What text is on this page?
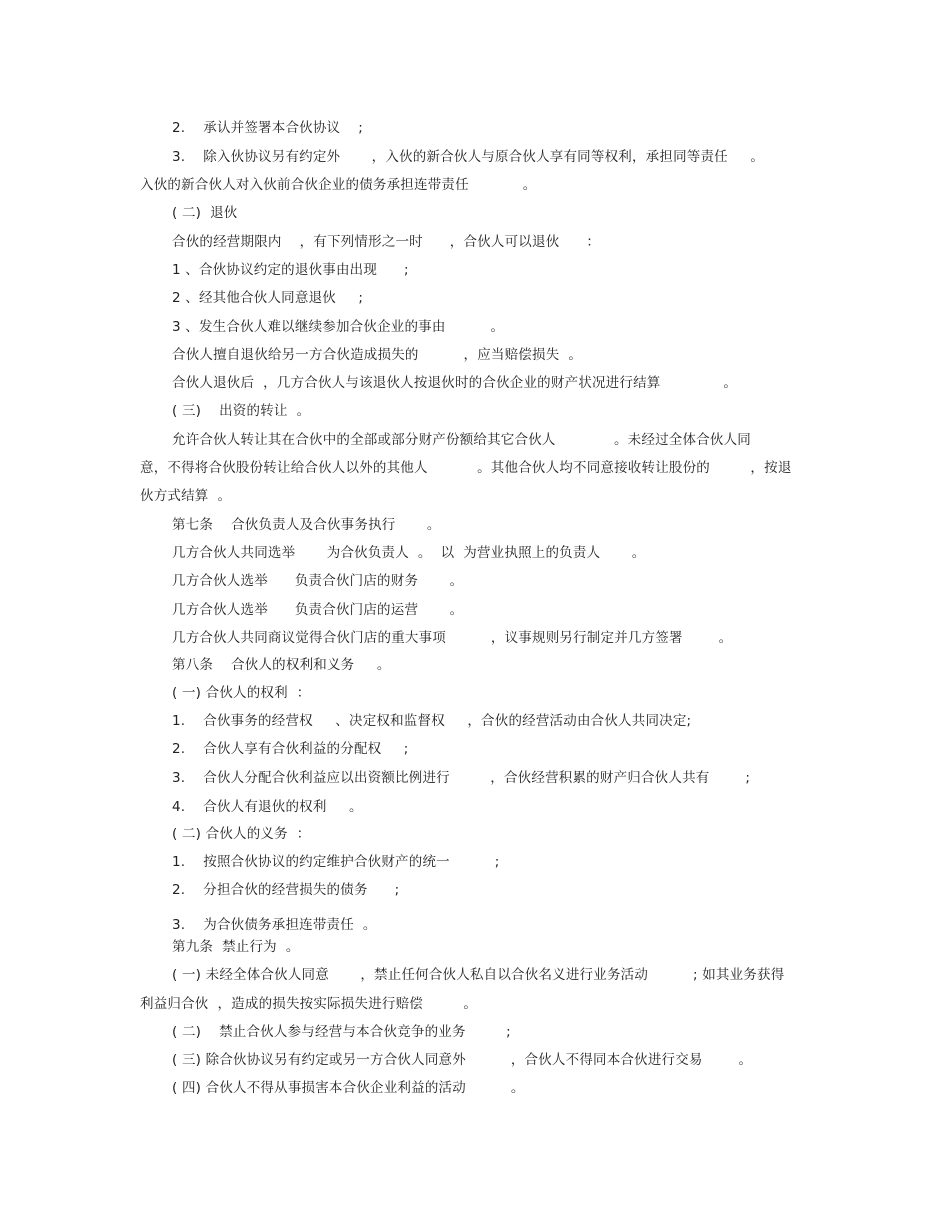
2.    承认并签署本合伙协议    ;
3.    除入伙协议另有约定外       ，入伙的新合伙人与原合伙人享有同等权利，承担同等责任     。
入伙的新合伙人对入伙前合伙企业的债务承担连带责任            。
( 二)  退伙
合伙的经营期限内    ，有下列情形之一时      ，合伙人可以退伙      ：
1 、合伙协议约定的退伙事由出现      ;
2 、经其他合伙人同意退伙     ;
3 、发生合伙人难以继续参加合伙企业的事由          。
合伙人擅自退伙给另一方合伙造成损失的          ，应当赔偿损失  。
合伙人退伙后  ，几方合伙人与该退伙人按退伙时的合伙企业的财产状况进行结算              。
( 三)    出资的转让  。
允许合伙人转让其在合伙中的全部或部分财产份额给其它合伙人             。未经过全体合伙人同
意，不得将合伙股份转让给合伙人以外的其他人           。其他合伙人均不同意接收转让股份的         ，按退
伙方式结算  。
第七条    合伙负责人及合伙事务执行       。
几方合伙人共同选举       为合伙负责人  。  以  为营业执照上的负责人       。
几方合伙人选举      负责合伙门店的财务       。
几方合伙人选举      负责合伙门店的运营       。
几方合伙人共同商议觉得合伙门店的重大事项          ，议事规则另行制定并几方签署        。
第八条    合伙人的权利和义务     。
( 一) 合伙人的权利  ：
1.    合伙事务的经营权     、决定权和监督权     ，合伙的经营活动由合伙人共同决定;
2.    合伙人享有合伙利益的分配权     ;
3.    合伙人分配合伙利益应以出资额比例进行         ，合伙经营积累的财产归合伙人共有        ;
4.    合伙人有退伙的权利     。
( 二) 合伙人的义务  ：
1.    按照合伙协议的约定维护合伙财产的统一          ;
2.    分担合伙的经营损失的债务      ;
3.    为合伙债务承担连带责任  。
第九条  禁止行为  。
( 一) 未经全体合伙人同意       ，禁止任何合伙人私自以合伙名义进行业务活动          ; 如其业务获得
利益归合伙  ，造成的损失按实际损失进行赔偿         。
( 二)    禁止合伙人参与经营与本合伙竞争的业务         ;
( 三) 除合伙协议另有约定或另一方合伙人同意外          ，合伙人不得同本合伙进行交易        。
( 四) 合伙人不得从事损害本合伙企业利益的活动          。
